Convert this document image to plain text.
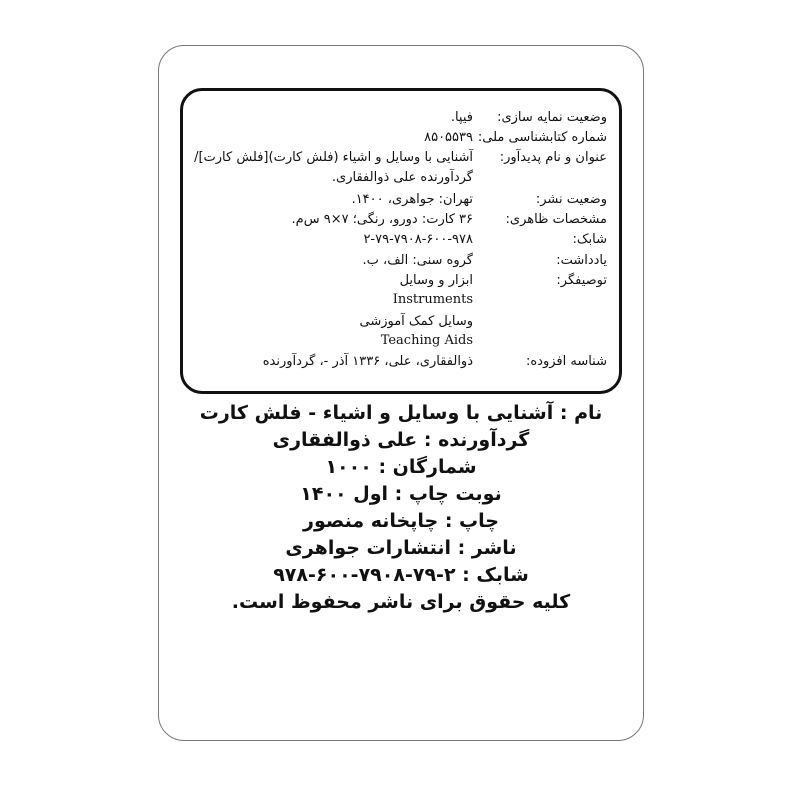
وضعیت نمایه سازی:
فیپا.
شماره کتابشناسی ملی:
۸۵۰۵۵۳۹
عنوان و نام پدیدآور:
آشنایی با وسایل و اشیاء (فلش کارت)[فلش کارت]/
گردآورنده علی ذوالفقاری.
وضعیت نشر:
تهران: جواهری، ۱۴۰۰.
مشخصات ظاهری:
۳۶ کارت: دورو، رنگی؛ ۷×۹ س‌م.
شابک:
۲-۷۹-۷۹۰۸-۶۰۰-۹۷۸
یادداشت:
گروه سنی: الف، ب.
توصیفگر:
ابزار و وسایل
Instruments
وسایل کمک آموزشی
Teaching Aids
شناسه افزوده:
ذوالفقاری، علی، ۱۳۳۶ آذر -، گردآورنده
نام : آشنایی با وسایل و اشیاء - فلش کارت
گردآورنده : علی ذوالفقاری
شمارگان : ۱۰۰۰
نوبت چاپ : اول ۱۴۰۰
چاپ : چاپخانه منصور
ناشر : انتشارات جواهری
شابک : ۲-۷۹-۷۹۰۸-۶۰۰-۹۷۸
کلیه حقوق برای ناشر محفوظ است.
